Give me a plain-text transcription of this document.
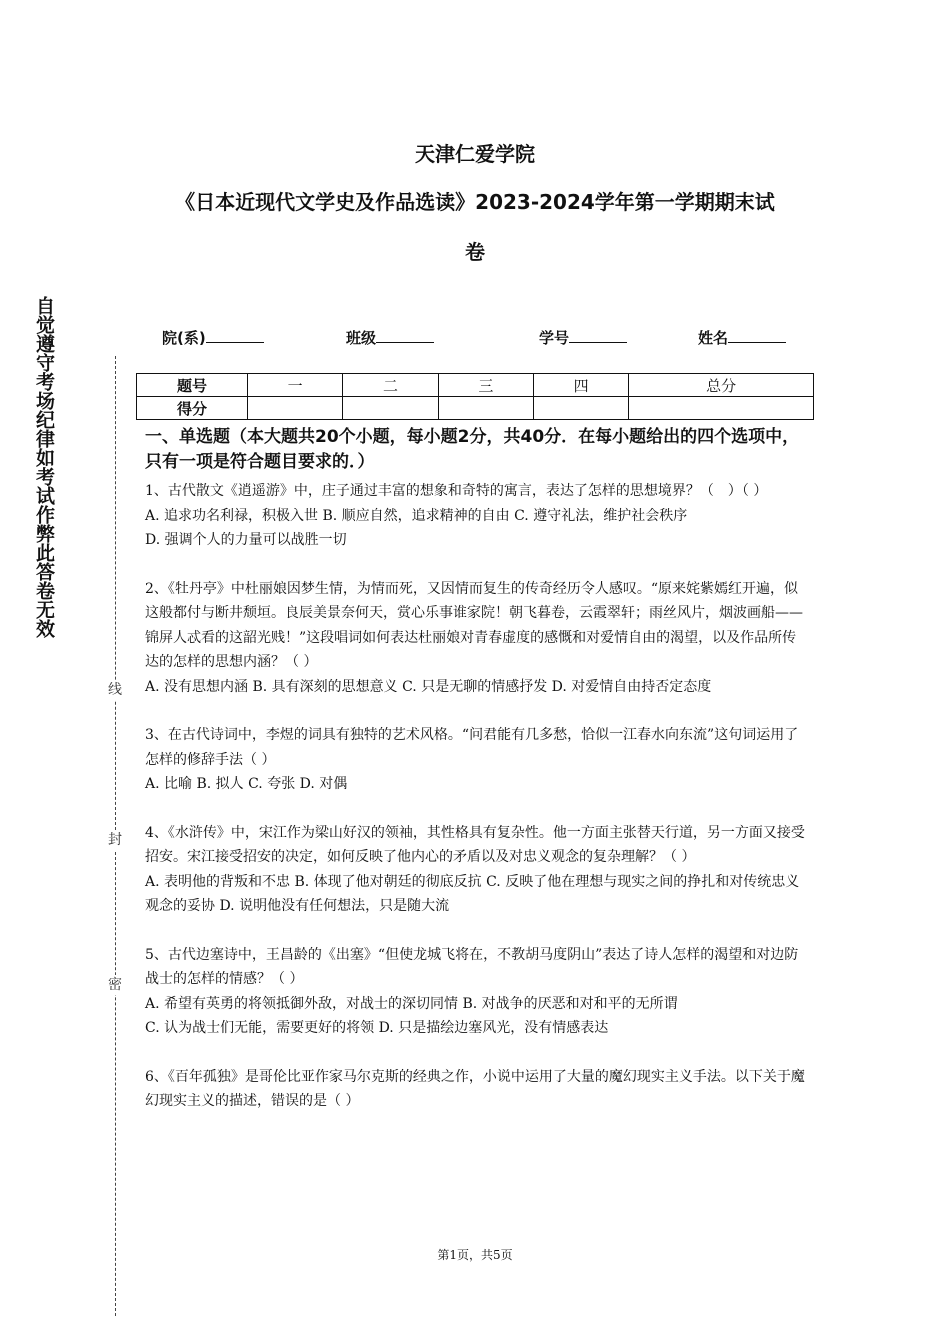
自觉遵守考场纪律如考试作弊此答卷无效
线
封
密
天津仁爱学院
《日本近现代文学史及作品选读》2023-2024学年第一学期期末试
卷
院(系)	班级	学号	姓名
题号	一	二	三	四	总分
得分					

一、单选题（本大题共20个小题，每小题2分，共40分．在每小题给出的四个选项中，只有一项是符合题目要求的．）

1、古代散文《逍遥游》中，庄子通过丰富的想象和奇特的寓言，表达了怎样的思想境界？（　）（ ）

A. 追求功名利禄，积极入世 B. 顺应自然，追求精神的自由 C. 遵守礼法，维护社会秩序

D. 强调个人的力量可以战胜一切

2、《牡丹亭》中杜丽娘因梦生情，为情而死，又因情而复生的传奇经历令人感叹。“原来姹紫嫣红开遍，似这般都付与断井颓垣。良辰美景奈何天，赏心乐事谁家院！朝飞暮卷，云霞翠轩；雨丝风片，烟波画船——锦屏人忒看的这韶光贱！”这段唱词如何表达杜丽娘对青春虚度的感慨和对爱情自由的渴望，以及作品所传达的怎样的思想内涵？（ ）

A. 没有思想内涵 B. 具有深刻的思想意义 C. 只是无聊的情感抒发 D. 对爱情自由持否定态度

3、在古代诗词中，李煜的词具有独特的艺术风格。“问君能有几多愁，恰似一江春水向东流”这句词运用了怎样的修辞手法（ ）

A. 比喻 B. 拟人 C. 夸张 D. 对偶

4、《水浒传》中，宋江作为梁山好汉的领袖，其性格具有复杂性。他一方面主张替天行道，另一方面又接受招安。宋江接受招安的决定，如何反映了他内心的矛盾以及对忠义观念的复杂理解？（ ）

A. 表明他的背叛和不忠 B. 体现了他对朝廷的彻底反抗 C. 反映了他在理想与现实之间的挣扎和对传统忠义观念的妥协 D. 说明他没有任何想法，只是随大流

5、古代边塞诗中，王昌龄的《出塞》“但使龙城飞将在，不教胡马度阴山”表达了诗人怎样的渴望和对边防战士的怎样的情感？（ ）

A. 希望有英勇的将领抵御外敌，对战士的深切同情 B. 对战争的厌恶和对和平的无所谓

C. 认为战士们无能，需要更好的将领 D. 只是描绘边塞风光，没有情感表达

6、《百年孤独》是哥伦比亚作家马尔克斯的经典之作，小说中运用了大量的魔幻现实主义手法。以下关于魔幻现实主义的描述，错误的是（ ）

第1页，共5页
